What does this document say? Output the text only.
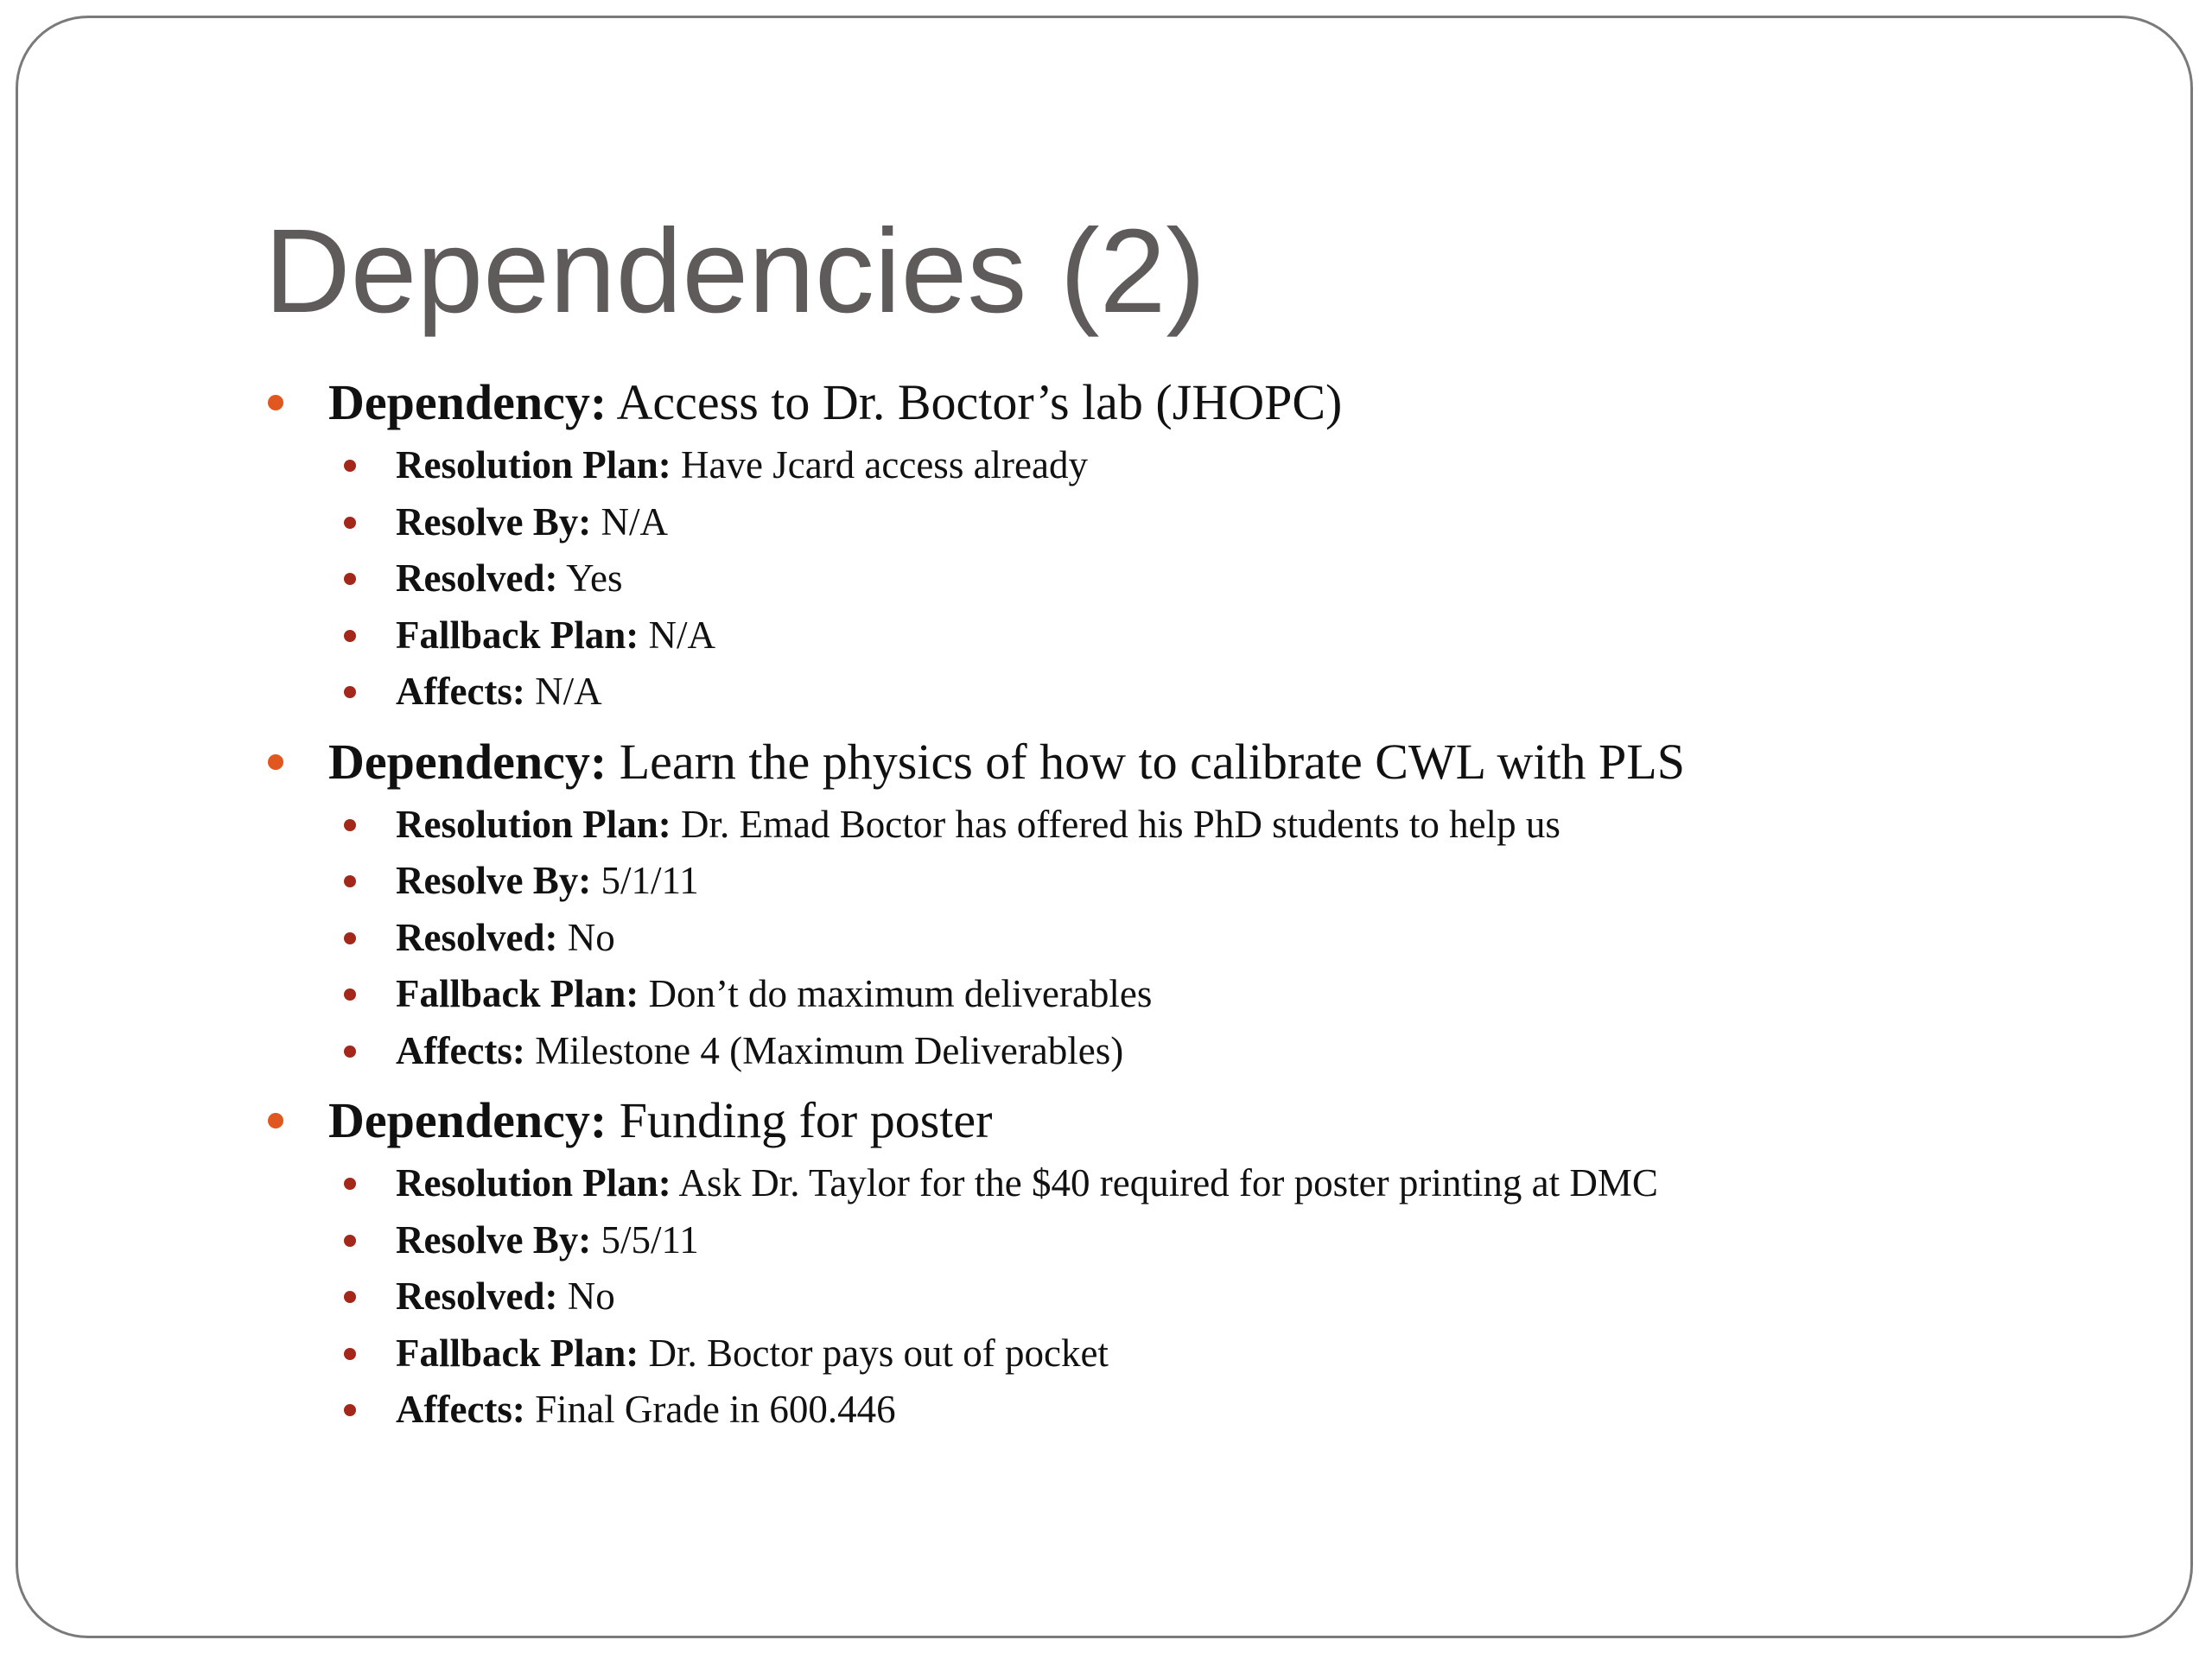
Dependencies (2)
Dependency: Access to Dr. Boctor’s lab (JHOPC)
Resolution Plan: Have Jcard access already
Resolve By: N/A
Resolved: Yes
Fallback Plan: N/A
Affects: N/A
Dependency: Learn the physics of how to calibrate CWL with PLS
Resolution Plan: Dr. Emad Boctor has offered his PhD students to help us
Resolve By: 5/1/11
Resolved: No
Fallback Plan: Don’t do maximum deliverables
Affects: Milestone 4 (Maximum Deliverables)
Dependency: Funding for poster
Resolution Plan: Ask Dr. Taylor for the $40 required for poster printing at DMC
Resolve By: 5/5/11
Resolved: No
Fallback Plan: Dr. Boctor pays out of pocket
Affects: Final Grade in 600.446
